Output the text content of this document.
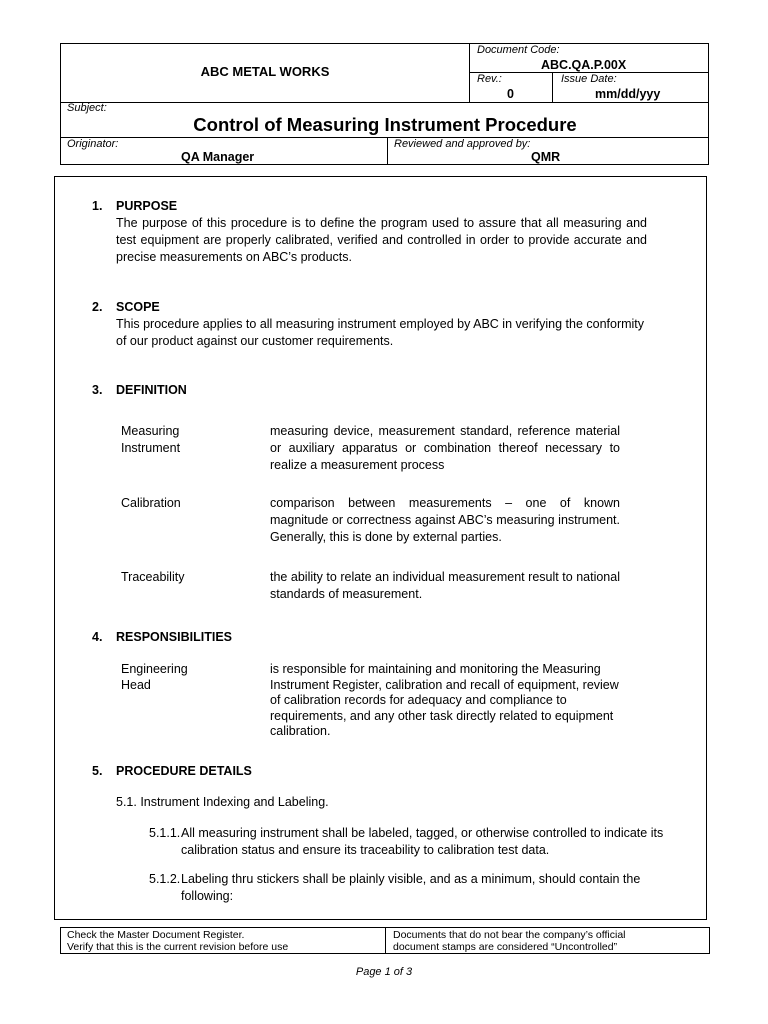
ABC METAL WORKS
Document Code:
ABC.QA.P.00X
Rev.:
0
Issue Date:
mm/dd/yyy
Subject:
Control of Measuring Instrument Procedure
Originator:
QA Manager
Reviewed and approved by:
QMR
1. PURPOSE
The purpose of this procedure is to define the program used to assure that all measuring and test equipment are properly calibrated, verified and controlled in order to provide accurate and precise measurements on ABC’s products.
2. SCOPE
This procedure applies to all measuring instrument employed by ABC in verifying the conformity of our product against our customer requirements.
3. DEFINITION
Measuring Instrument
measuring device, measurement standard, reference material or auxiliary apparatus or combination thereof necessary to realize a measurement process
Calibration	comparison between measurements – one of known magnitude or correctness against ABC’s measuring instrument. Generally, this is done by external parties.
Traceability	the ability to relate an individual measurement result to national standards of measurement.
4. RESPONSIBILITIES
Engineering Head
is responsible for maintaining and monitoring the Measuring Instrument Register, calibration and recall of equipment, review of calibration records for adequacy and compliance to requirements, and any other task directly related to equipment calibration.
5. PROCEDURE DETAILS
5.1. Instrument Indexing and Labeling.
5.1.1. All measuring instrument shall be labeled, tagged, or otherwise controlled to indicate its calibration status and ensure its traceability to calibration test data.
5.1.2. Labeling thru stickers shall be plainly visible, and as a minimum, should contain the following:
Check the Master Document Register.
Verify that this is the current revision before use
Documents that do not bear the company’s official
document stamps are considered “Uncontrolled”
Page 1 of 3
